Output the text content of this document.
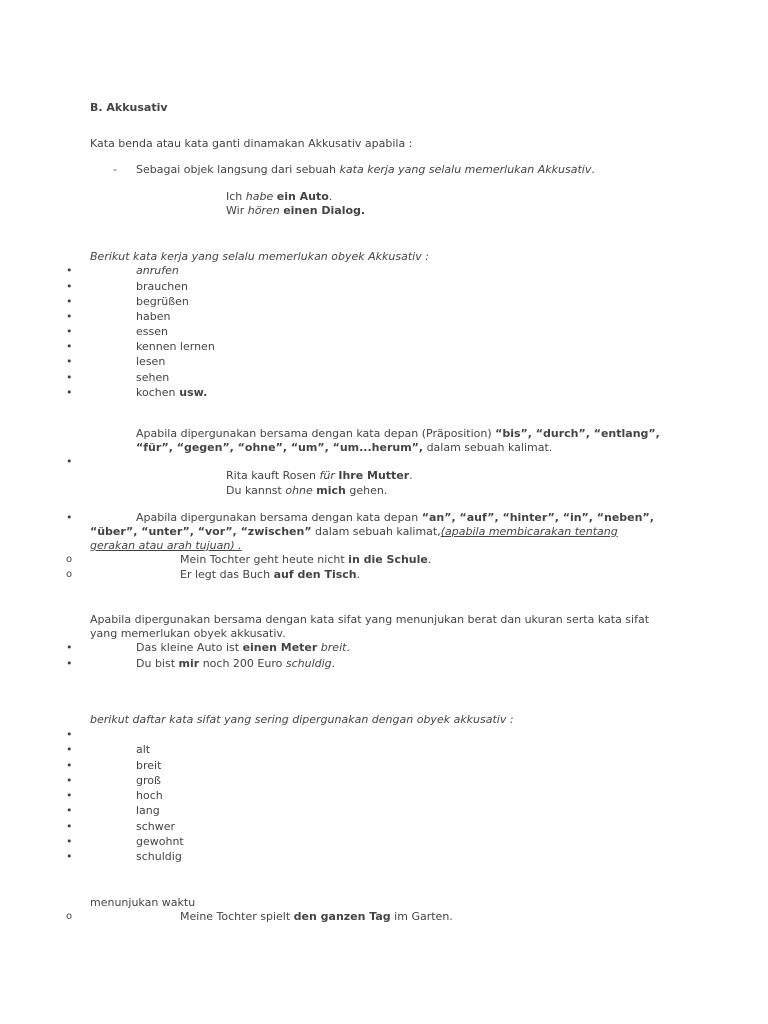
B. Akkusativ
Kata benda atau kata ganti dinamakan Akkusativ apabila :
- Sebagai objek langsung dari sebuah kata kerja yang selalu memerlukan Akkusativ.
Ich habe ein Auto.
Wir hören einen Dialog.
Berikut kata kerja yang selalu memerlukan obyek Akkusativ :
•	anrufen
•	brauchen
•	begrüßen
•	haben
•	essen
•	kennen lernen
•	lesen
•	sehen
•	kochen usw.
Apabila dipergunakan bersama dengan kata depan (Präposition) “bis”, “durch”, “entlang”,
“für”, “gegen”, “ohne”, “um”, “um...herum”, dalam sebuah kalimat.
•
Rita kauft Rosen für Ihre Mutter.
Du kannst ohne mich gehen.
•	Apabila dipergunakan bersama dengan kata depan “an”, “auf”, “hinter”, “in”, “neben”,
“über”, “unter”, “vor”, “zwischen” dalam sebuah kalimat,(apabila membicarakan tentang
gerakan atau arah tujuan) .
o	Mein Tochter geht heute nicht in die Schule.
o	Er legt das Buch auf den Tisch.
Apabila dipergunakan bersama dengan kata sifat yang menunjukan berat dan ukuran serta kata sifat
yang memerlukan obyek akkusativ.
•	Das kleine Auto ist einen Meter breit.
•	Du bist mir noch 200 Euro schuldig.
berikut daftar kata sifat yang sering dipergunakan dengan obyek akkusativ :
•
•	alt
•	breit
•	groß
•	hoch
•	lang
•	schwer
•	gewohnt
•	schuldig
menunjukan waktu
o	Meine Tochter spielt den ganzen Tag im Garten.
